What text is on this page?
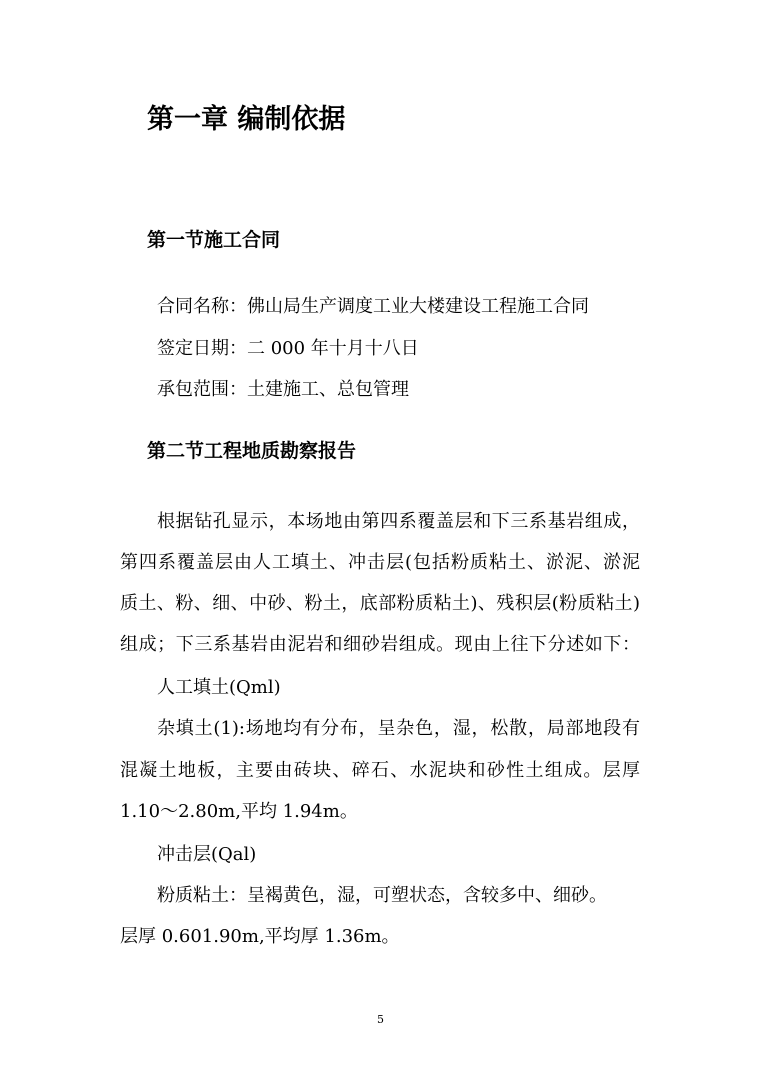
第一章 编制依据
第一节施工合同
合同名称：佛山局生产调度工业大楼建设工程施工合同
签定日期：二 000 年十月十八日
承包范围：土建施工、总包管理
第二节工程地质勘察报告
根据钻孔显示，本场地由第四系覆盖层和下三系基岩组成，
第四系覆盖层由人工填土、冲击层(包括粉质粘土、淤泥、淤泥
质土、粉、细、中砂、粉土，底部粉质粘土)、残积层(粉质粘土)
组成；下三系基岩由泥岩和细砂岩组成。现由上往下分述如下：
人工填土(Qml)
杂填土(1):场地均有分布，呈杂色，湿，松散，局部地段有
混凝土地板，主要由砖块、碎石、水泥块和砂性土组成。层厚
1.10～2.80m,平均 1.94m。
冲击层(Qal)
粉质粘土：呈褐黄色，湿，可塑状态，含较多中、细砂。
层厚 0.601.90m,平均厚 1.36m。
5
